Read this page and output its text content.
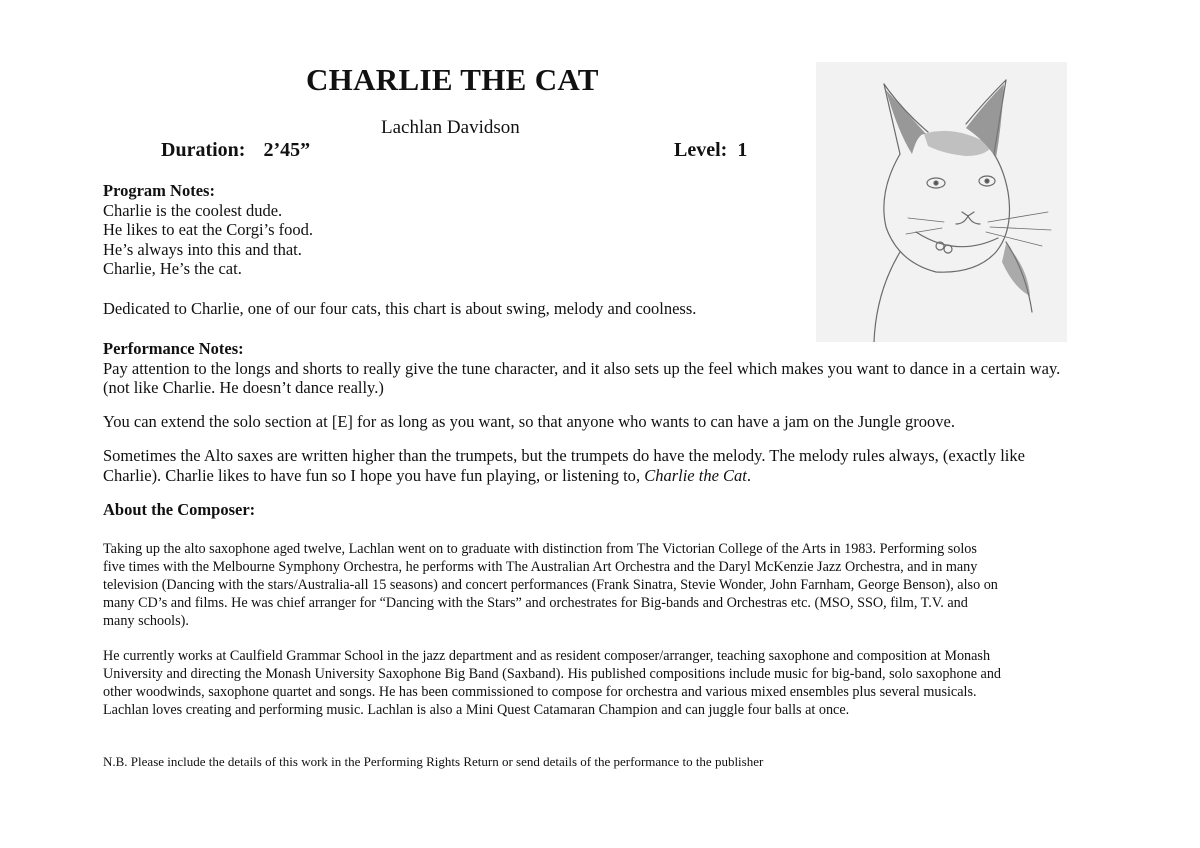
CHARLIE THE CAT
Lachlan Davidson
Duration: 2’45”	Level: 1
Program Notes:
Charlie is the coolest dude.
He likes to eat the Corgi’s food.
He’s always into this and that.
Charlie, He’s the cat.
Dedicated to Charlie, one of our four cats, this chart is about swing, melody and coolness.
Performance Notes:
Pay attention to the longs and shorts to really give the tune character, and it also sets up the feel which makes you want to dance in a certain way.
(not like Charlie. He doesn’t dance really.)
You can extend the solo section at [E] for as long as you want, so that anyone who wants to can have a jam on the Jungle groove.
Sometimes the Alto saxes are written higher than the trumpets, but the trumpets do have the melody. The melody rules always, (exactly like
Charlie). Charlie likes to have fun so I hope you have fun playing, or listening to, Charlie the Cat.
About the Composer:
Taking up the alto saxophone aged twelve, Lachlan went on to graduate with distinction from The Victorian College of the Arts in 1983. Performing solos
five times with the Melbourne Symphony Orchestra, he performs with The Australian Art Orchestra and the Daryl McKenzie Jazz Orchestra, and in many
television (Dancing with the stars/Australia-all 15 seasons) and concert performances (Frank Sinatra, Stevie Wonder, John Farnham, George Benson), also on
many CD’s and films. He was chief arranger for “Dancing with the Stars” and orchestrates for Big-bands and Orchestras etc. (MSO, SSO, film, T.V. and
many schools).
He currently works at Caulfield Grammar School in the jazz department and as resident composer/arranger, teaching saxophone and composition at Monash
University and directing the Monash University Saxophone Big Band (Saxband). His published compositions include music for big-band, solo saxophone and
other woodwinds, saxophone quartet and songs. He has been commissioned to compose for orchestra and various mixed ensembles plus several musicals.
Lachlan loves creating and performing music. Lachlan is also a Mini Quest Catamaran Champion and can juggle four balls at once.
N.B. Please include the details of this work in the Performing Rights Return or send details of the performance to the publisher
